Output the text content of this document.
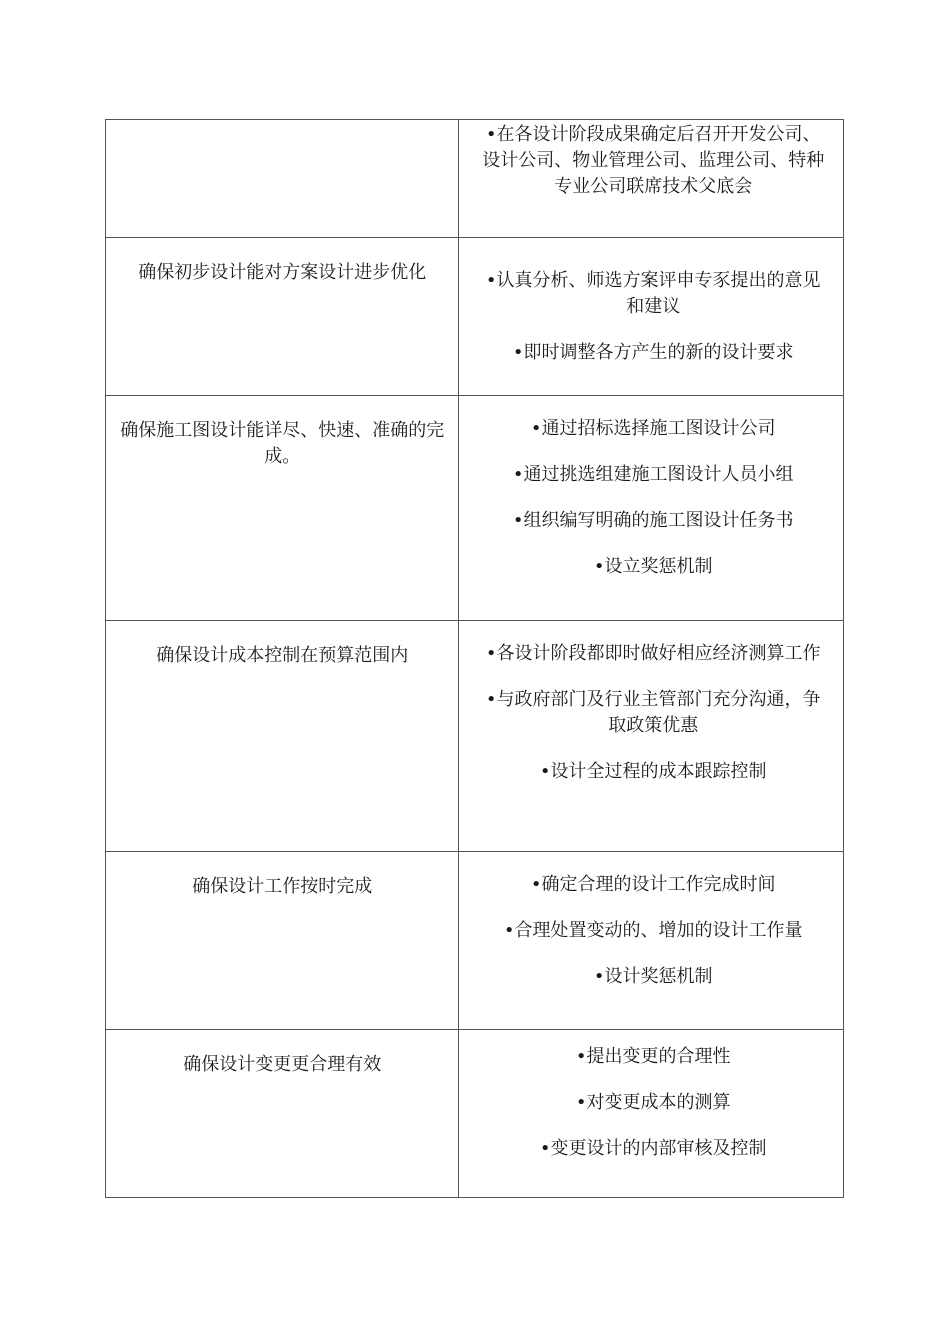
	•在各设计阶段成果确定后召开开发公司、设计公司、物业管理公司、监理公司、特种专业公司联席技术父底会

确保初步设计能对方案设计进步优化	•认真分析、师选方案评申专豕提出的意见和建议
•即时调整各方产生的新的设计要求

确保施工图设计能详尽、快速、准确的完成。	•通过招标选择施工图设计公司
•通过挑选组建施工图设计人员小组
•组织编写明确的施工图设计任务书
•设立奖惩机制

确保设计成本控制在预算范围内	•各设计阶段都即时做好相应经济测算工作
•与政府部门及行业主管部门充分沟通，争取政策优惠
•设计全过程的成本跟踪控制

确保设计工作按时完成	•确定合理的设计工作完成时间
•合理处置变动的、增加的设计工作量
•设计奖惩机制

确保设计变更更合理有效	•提出变更的合理性
•对变更成本的测算
•变更设计的内部审核及控制
